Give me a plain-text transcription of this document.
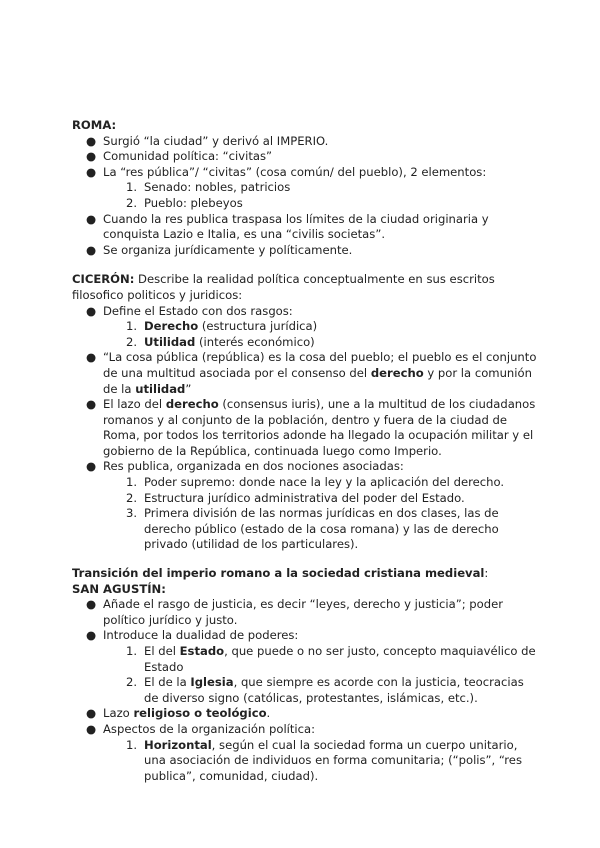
ROMA:
● Surgió “la ciudad” y derivó al IMPERIO.
● Comunidad política: “civitas”
● La “res pública”/ “civitas” (cosa común/ del pueblo), 2 elementos:
1. Senado: nobles, patricios
2. Pueblo: plebeyos
● Cuando la res publica traspasa los límites de la ciudad originaria y
conquista Lazio e Italia, es una “civilis societas”.
● Se organiza jurídicamente y políticamente.
CICERÓN: Describe la realidad política conceptualmente en sus escritos
filosofico politicos y juridicos:
● Define el Estado con dos rasgos:
1. Derecho (estructura jurídica)
2. Utilidad (interés económico)
● “La cosa pública (república) es la cosa del pueblo; el pueblo es el conjunto
de una multitud asociada por el consenso del derecho y por la comunión
de la utilidad”
● El lazo del derecho (consensus iuris), une a la multitud de los ciudadanos
romanos y al conjunto de la población, dentro y fuera de la ciudad de
Roma, por todos los territorios adonde ha llegado la ocupación militar y el
gobierno de la República, continuada luego como Imperio.
● Res publica, organizada en dos nociones asociadas:
1. Poder supremo: donde nace la ley y la aplicación del derecho.
2. Estructura jurídico administrativa del poder del Estado.
3. Primera división de las normas jurídicas en dos clases, las de
derecho público (estado de la cosa romana) y las de derecho
privado (utilidad de los particulares).
Transición del imperio romano a la sociedad cristiana medieval:
SAN AGUSTÍN:
● Añade el rasgo de justicia, es decir “leyes, derecho y justicia”; poder
político jurídico y justo.
● Introduce la dualidad de poderes:
1. El del Estado, que puede o no ser justo, concepto maquiavélico de
Estado
2. El de la Iglesia, que siempre es acorde con la justicia, teocracias
de diverso signo (católicas, protestantes, islámicas, etc.).
● Lazo religioso o teológico.
● Aspectos de la organización política:
1. Horizontal, según el cual la sociedad forma un cuerpo unitario,
una asociación de individuos en forma comunitaria; (“polis”, “res
publica”, comunidad, ciudad).
